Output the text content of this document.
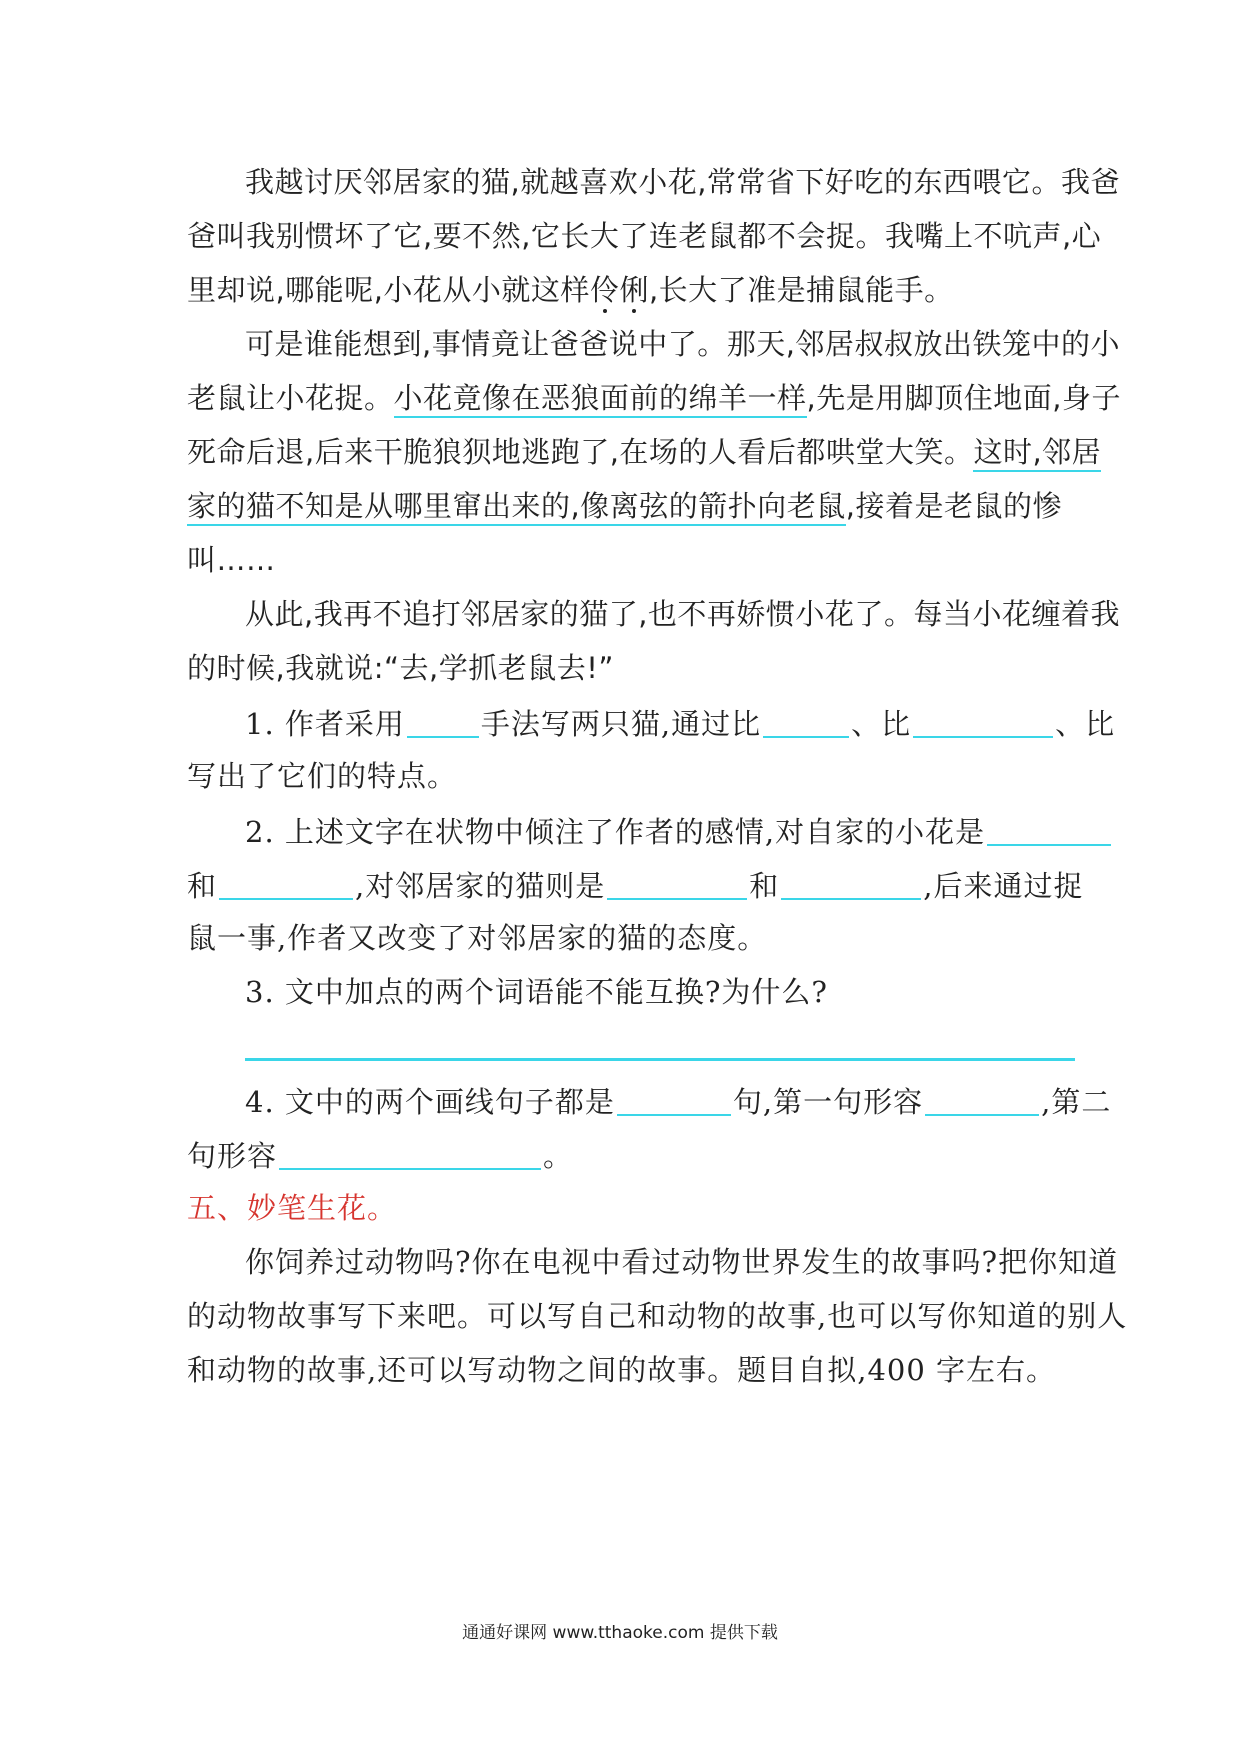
我越讨厌邻居家的猫,就越喜欢小花,常常省下好吃的东西喂它。我爸
爸叫我别惯坏了它,要不然,它长大了连老鼠都不会捉。我嘴上不吭声,心
里却说,哪能呢,小花从小就这样伶俐,长大了准是捕鼠能手。
可是谁能想到,事情竟让爸爸说中了。那天,邻居叔叔放出铁笼中的小
老鼠让小花捉。小花竟像在恶狼面前的绵羊一样,先是用脚顶住地面,身子
死命后退,后来干脆狼狈地逃跑了,在场的人看后都哄堂大笑。这时,邻居
家的猫不知是从哪里窜出来的,像离弦的箭扑向老鼠,接着是老鼠的惨
叫……
从此,我再不追打邻居家的猫了,也不再娇惯小花了。每当小花缠着我
的时候,我就说:“去,学抓老鼠去!”
1. 作者采用	手法写两只猫,通过比	、比	、比
写出了它们的特点。
2. 上述文字在状物中倾注了作者的感情,对自家的小花是
和	,对邻居家的猫则是	和	,后来通过捉
鼠一事,作者又改变了对邻居家的猫的态度。
3. 文中加点的两个词语能不能互换?为什么?
4. 文中的两个画线句子都是	句,第一句形容	,第二
句形容	。
五、妙笔生花。
你饲养过动物吗?你在电视中看过动物世界发生的故事吗?把你知道
的动物故事写下来吧。可以写自己和动物的故事,也可以写你知道的别人
和动物的故事,还可以写动物之间的故事。题目自拟,400 字左右。
通通好课网 www.tthaoke.com 提供下载
